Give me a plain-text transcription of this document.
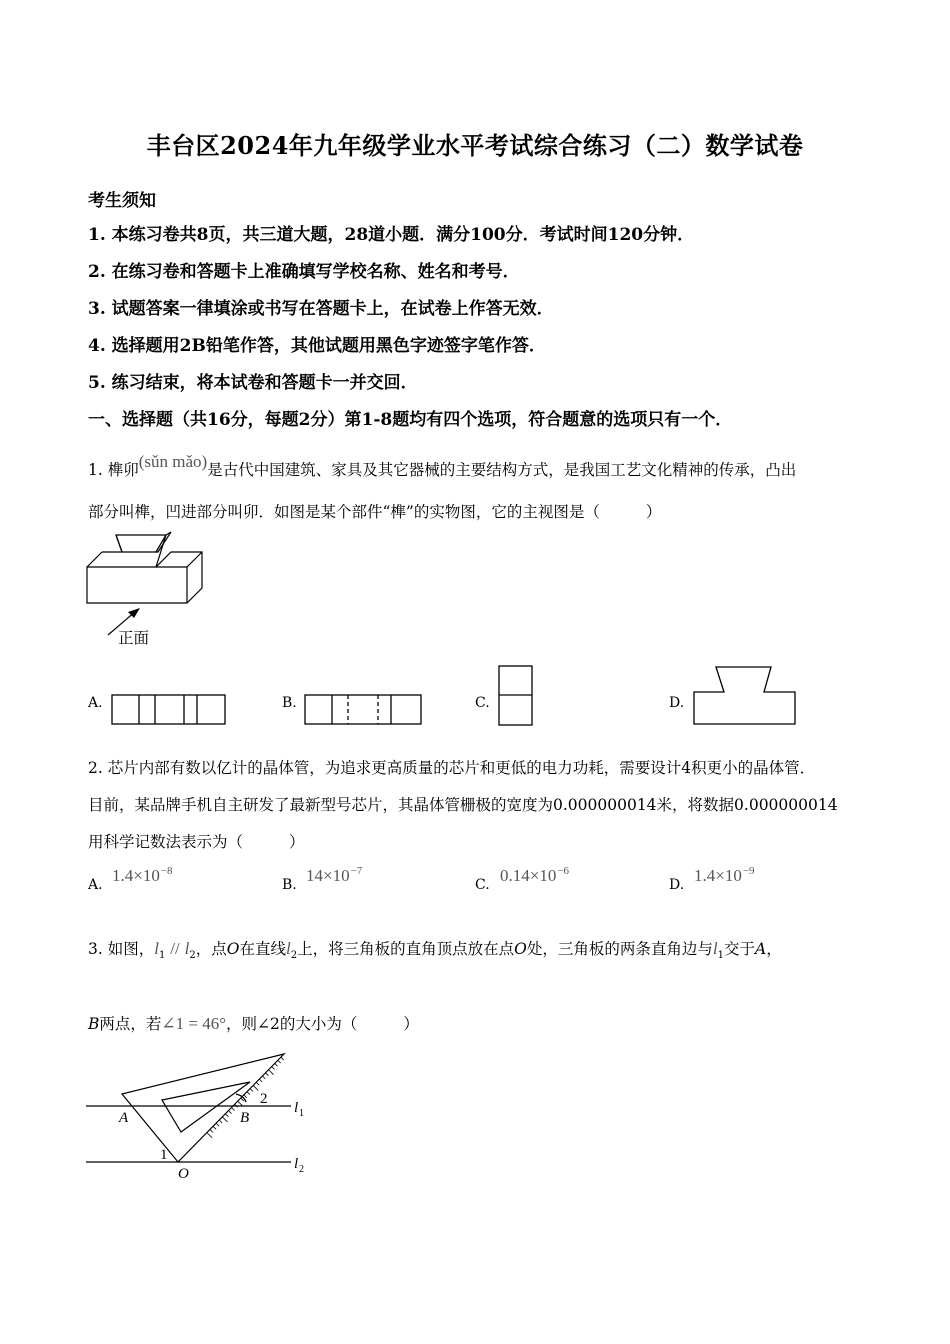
丰台区2024年九年级学业水平考试综合练习（二）数学试卷
考生须知
1. 本练习卷共8页，共三道大题，28道小题．满分100分．考试时间120分钟．
2. 在练习卷和答题卡上准确填写学校名称、姓名和考号．
3. 试题答案一律填涂或书写在答题卡上，在试卷上作答无效．
4. 选择题用2B铅笔作答，其他试题用黑色字迹签字笔作答．
5. 练习结束，将本试卷和答题卡一并交回．
一、选择题（共16分，每题2分）第1-8题均有四个选项，符合题意的选项只有一个．
1. 榫卯(sǔn mǎo)是古代中国建筑、家具及其它器械的主要结构方式，是我国工艺文化精神的传承，凸出
部分叫榫，凹进部分叫卯．如图是某个部件“榫”的实物图，它的主视图是（	）
正面
A.	B.	C.	D.
2. 芯片内部有数以亿计的晶体管，为追求更高质量的芯片和更低的电力功耗，需要设计4积更小的晶体管．
目前，某品牌手机自主研发了最新型号芯片，其晶体管栅极的宽度为0.000000014米，将数据0.000000014
用科学记数法表示为（	）
A. $1.4\times 10^{-8}$
B. $14\times 10^{-7}$
C. $0.14\times 10^{-6}$
D. $1.4\times 10^{-9}$
3. 如图，$l_1 // l_2$，点O在直线$l_2$上，将三角板的直角顶点放在点O处，三角板的两条直角边与$l_1$交于A，
B两点，若∠1 = 46°，则∠2的大小为（	）
A	B
O
1
2
l 1
l 2
